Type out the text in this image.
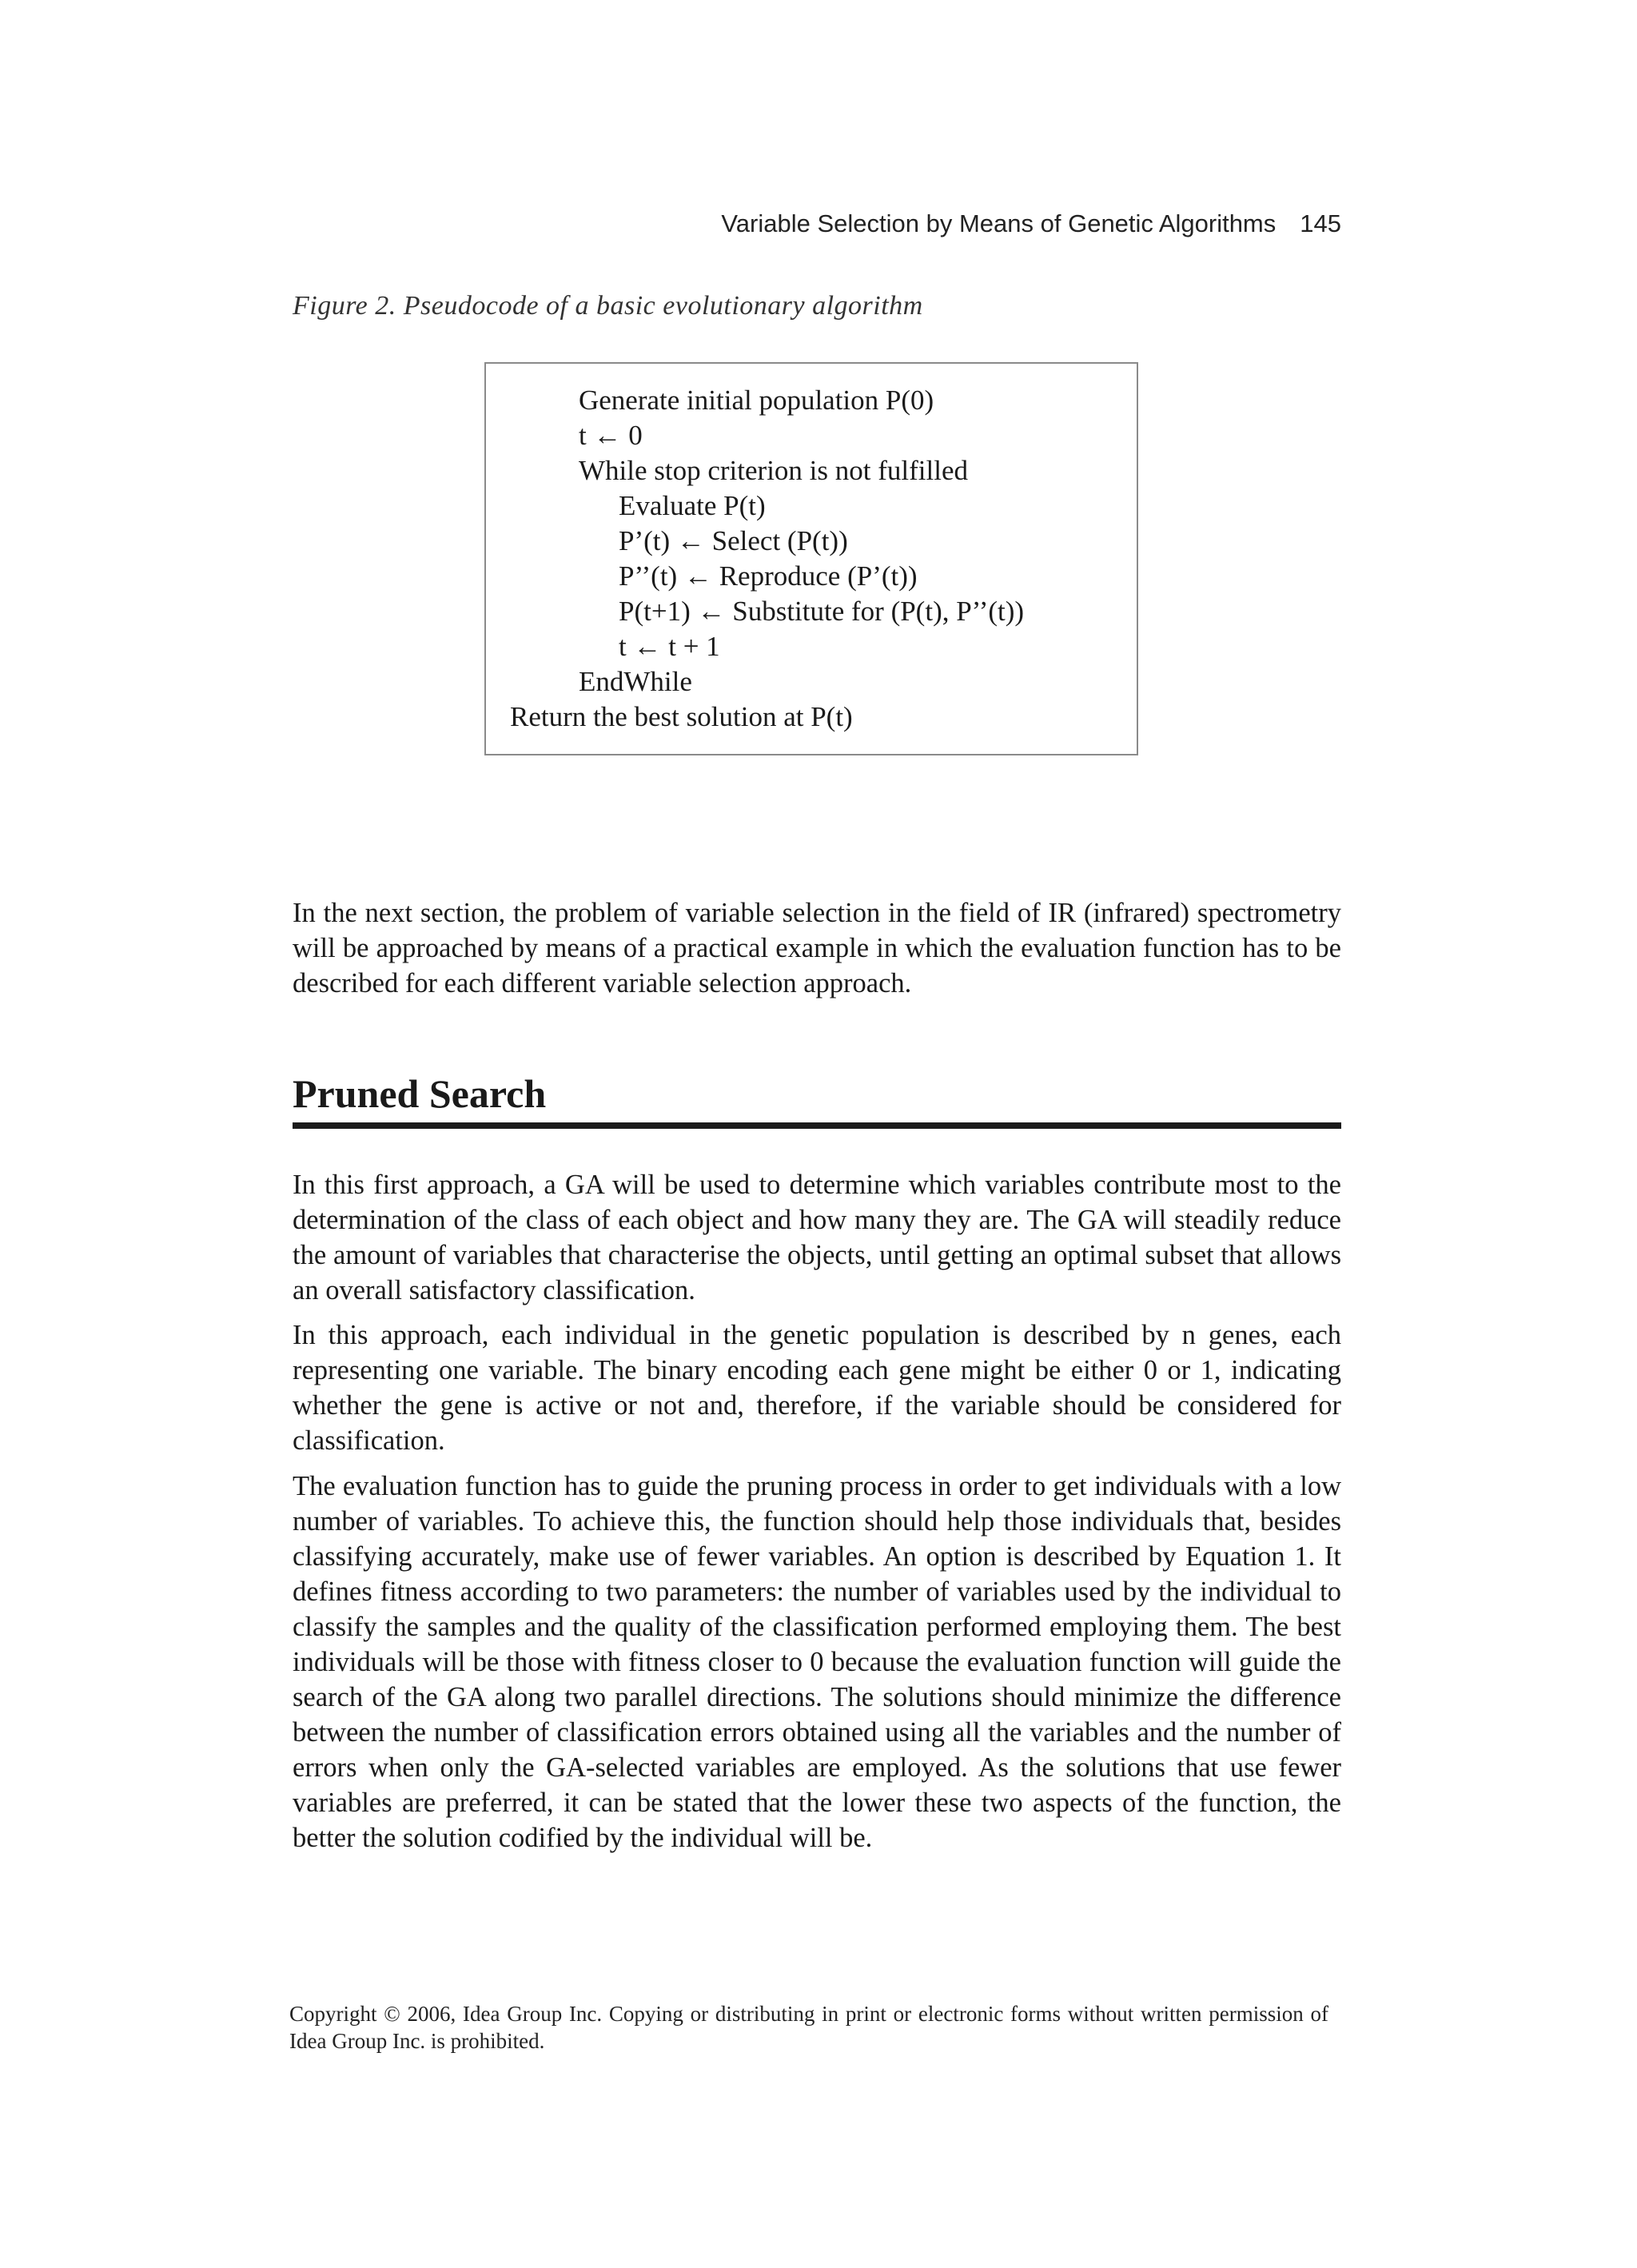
Variable Selection by Means of Genetic Algorithms 145
Figure 2. Pseudocode of a basic evolutionary algorithm
Generate initial population P(0)
t ← 0
While stop criterion is not fulfilled
Evaluate P(t)
P’(t) ← Select (P(t))
P’’(t) ← Reproduce (P’(t))
P(t+1) ← Substitute for (P(t), P’’(t))
t ← t + 1
EndWhile
Return the best solution at P(t)

In the next section, the problem of variable selection in the field of IR (infrared) spectrometry will be approached by means of a practical example in which the evaluation function has to be described for each different variable selection approach.

Pruned Search

In this first approach, a GA will be used to determine which variables contribute most to the determination of the class of each object and how many they are. The GA will steadily reduce the amount of variables that characterise the objects, until getting an optimal subset that allows an overall satisfactory classification.

In this approach, each individual in the genetic population is described by n genes, each representing one variable. The binary encoding each gene might be either 0 or 1, indicating whether the gene is active or not and, therefore, if the variable should be considered for classification.

The evaluation function has to guide the pruning process in order to get individuals with a low number of variables. To achieve this, the function should help those individuals that, besides classifying accurately, make use of fewer variables. An option is described by Equation 1. It defines fitness according to two parameters: the number of variables used by the individual to classify the samples and the quality of the classification performed employing them. The best individuals will be those with fitness closer to 0 because the evaluation function will guide the search of the GA along two parallel directions. The solutions should minimize the difference between the number of classification errors obtained using all the variables and the number of errors when only the GA-selected variables are employed. As the solutions that use fewer variables are preferred, it can be stated that the lower these two aspects of the function, the better the solution codified by the individual will be.

Copyright © 2006, Idea Group Inc. Copying or distributing in print or electronic forms without written permission of Idea Group Inc. is prohibited.
